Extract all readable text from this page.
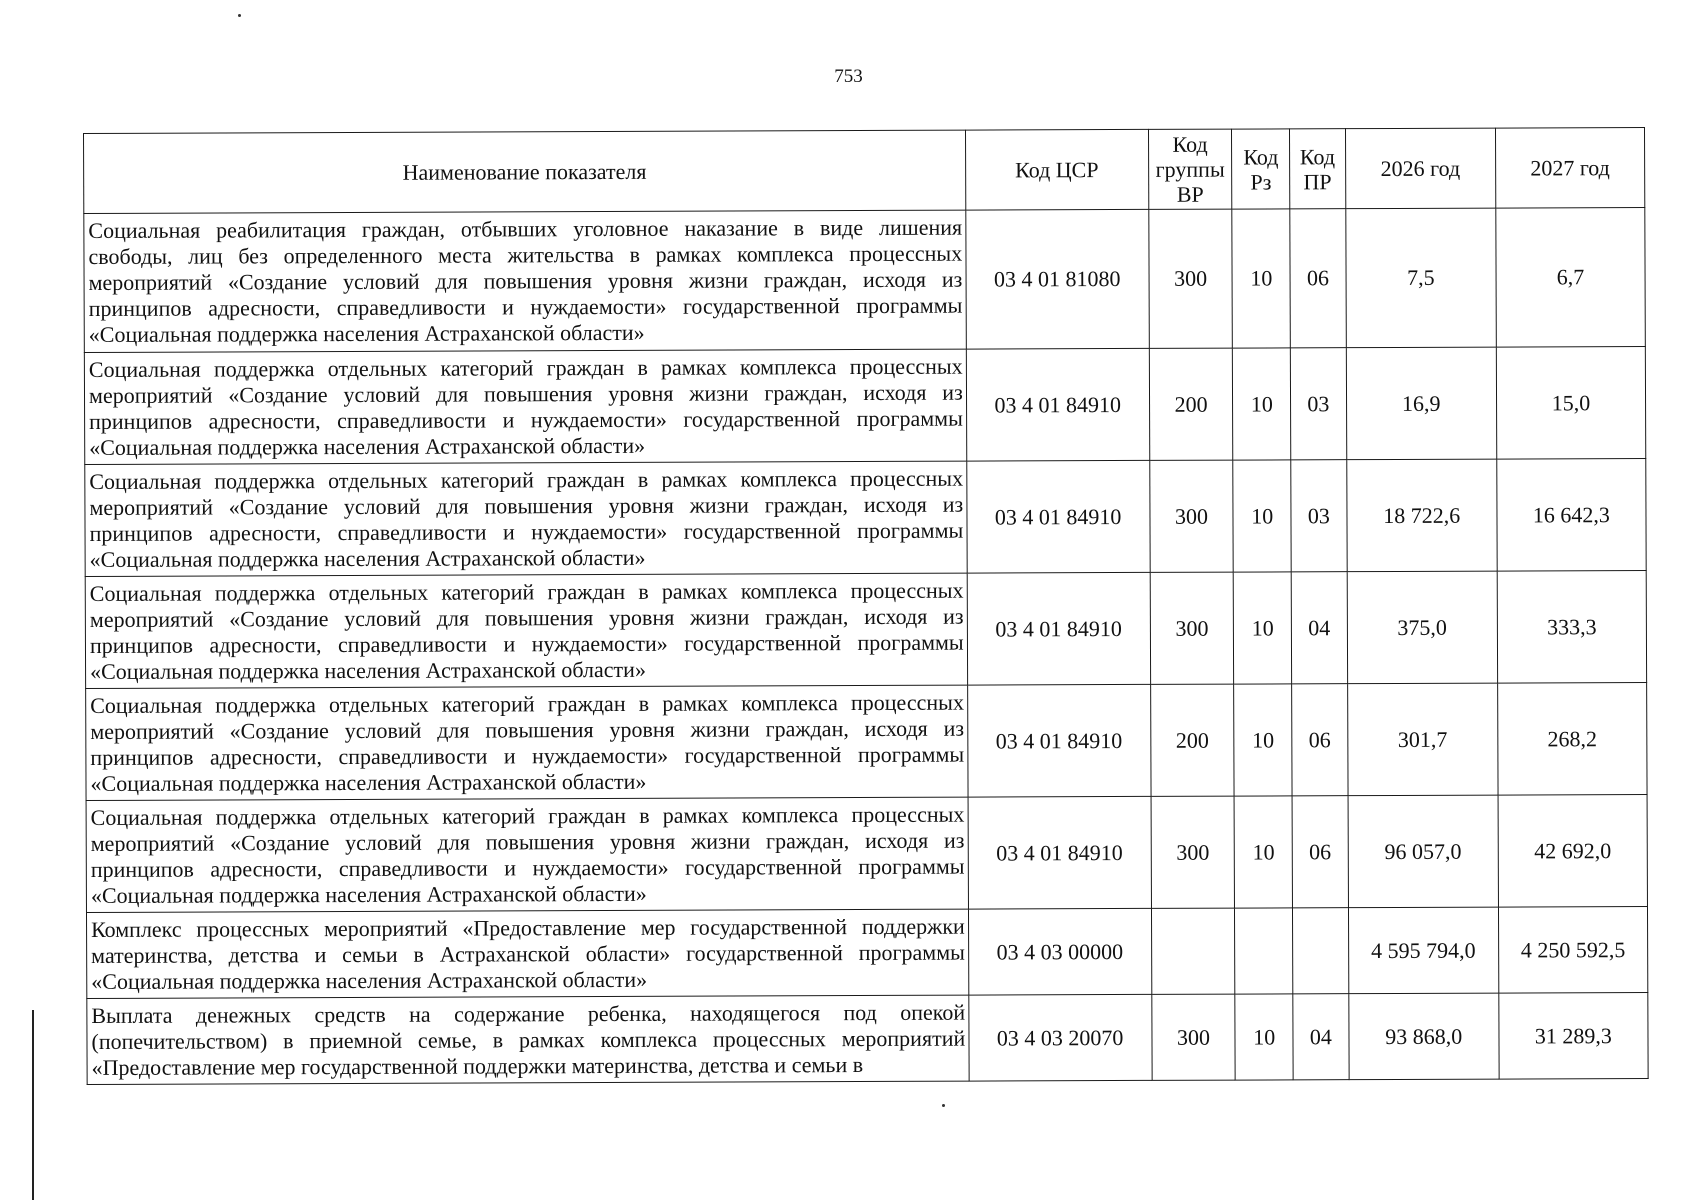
753
Наименование показателя	Код ЦСР	Код группы ВР	Код Рз	Код ПР	2026 год	2027 год
Социальная реабилитация граждан, отбывших уголовное наказание в виде лишения свободы, лиц без определенного места жительства в рамках комплекса процессных мероприятий «Создание условий для повышения уровня жизни граждан, исходя из принципов адресности, справедливости и нуждаемости» государственной программы «Социальная поддержка населения Астраханской области»	03 4 01 81080	300	10	06	7,5	6,7
Социальная поддержка отдельных категорий граждан в рамках комплекса процессных мероприятий «Создание условий для повышения уровня жизни граждан, исходя из принципов адресности, справедливости и нуждаемости» государственной программы «Социальная поддержка населения Астраханской области»	03 4 01 84910	200	10	03	16,9	15,0
Социальная поддержка отдельных категорий граждан в рамках комплекса процессных мероприятий «Создание условий для повышения уровня жизни граждан, исходя из принципов адресности, справедливости и нуждаемости» государственной программы «Социальная поддержка населения Астраханской области»	03 4 01 84910	300	10	03	18 722,6	16 642,3
Социальная поддержка отдельных категорий граждан в рамках комплекса процессных мероприятий «Создание условий для повышения уровня жизни граждан, исходя из принципов адресности, справедливости и нуждаемости» государственной программы «Социальная поддержка населения Астраханской области»	03 4 01 84910	300	10	04	375,0	333,3
Социальная поддержка отдельных категорий граждан в рамках комплекса процессных мероприятий «Создание условий для повышения уровня жизни граждан, исходя из принципов адресности, справедливости и нуждаемости» государственной программы «Социальная поддержка населения Астраханской области»	03 4 01 84910	200	10	06	301,7	268,2
Социальная поддержка отдельных категорий граждан в рамках комплекса процессных мероприятий «Создание условий для повышения уровня жизни граждан, исходя из принципов адресности, справедливости и нуждаемости» государственной программы «Социальная поддержка населения Астраханской области»	03 4 01 84910	300	10	06	96 057,0	42 692,0
Комплекс процессных мероприятий «Предоставление мер государственной поддержки материнства, детства и семьи в Астраханской области» государственной программы «Социальная поддержка населения Астраханской области»	03 4 03 00000				4 595 794,0	4 250 592,5
Выплата денежных средств на содержание ребенка, находящегося под опекой (попечительством) в приемной семье, в рамках комплекса процессных мероприятий «Предоставление мер государственной поддержки материнства, детства и семьи в	03 4 03 20070	300	10	04	93 868,0	31 289,3
